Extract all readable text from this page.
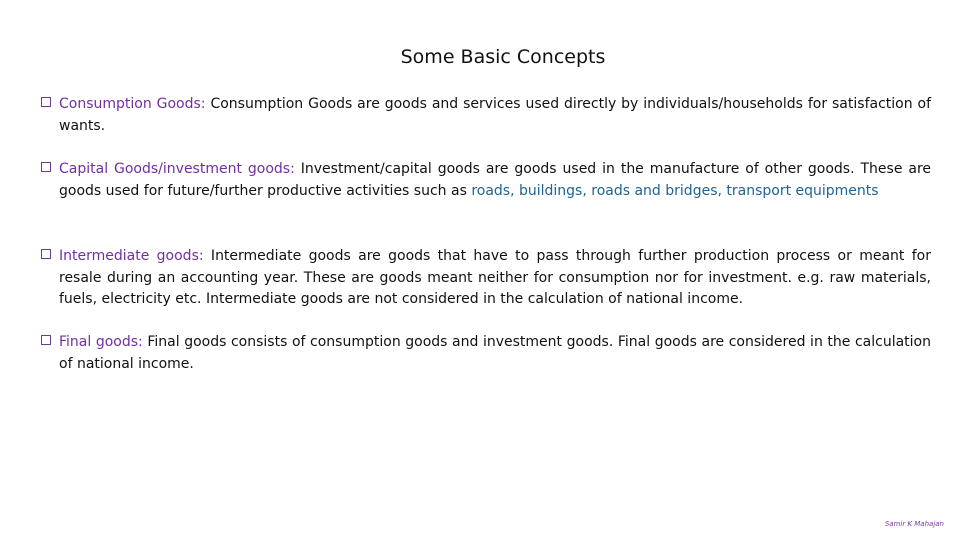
Some Basic Concepts

Consumption Goods: Consumption Goods are goods and services used directly by individuals/households for satisfaction of wants.

Capital Goods/investment goods: Investment/capital goods are goods used in the manufacture of other goods. These are goods used for future/further productive activities such as roads, buildings, roads and bridges, transport equipments

Intermediate goods: Intermediate goods are goods that have to pass through further production process or meant for resale during an accounting year. These are goods meant neither for consumption nor for investment. e.g. raw materials, fuels, electricity etc. Intermediate goods are not considered in the calculation of national income.

Final goods: Final goods consists of consumption goods and investment goods. Final goods are considered in the calculation of national income.

Samir K Mahajan
